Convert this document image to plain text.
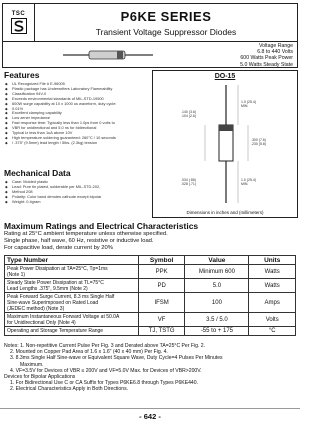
TSC	P6KE SERIES
Transient Voltage Suppressor Diodes
Voltage Range
6.8 to 440 Volts
600 Watts Peak Power
5.0 Watts Steady State
Features
◆ UL Recognized File # E-96005
◆ Plastic package has Underwriters Laboratory Flammability
◆ Classification 94V-0
◆ Exceeds environmental standards of MIL-STD-19500
◆ 600W surge capability at 10 x 1000 us waveform, duty cycle:
◆ 0.01%
◆ Excellent clamping capability
◆ Low zener impedance
◆ Fast response time: Typically less than 1.0ps from 0 volts to
◆ VBR for unidirectional and 5.0 ns for bidirectional
◆ Typical Iz less than 1uA above 10V
◆ High temperature soldering guaranteed: 260°C / 10 seconds
◆ / .375" (9.5mm) lead length / 5lbs. (2.3kg) tension
DO-15
1.0 (25.4)
MIN.
.300 (7.6)
.230 (5.8)
.140 (3.6)
.104 (2.6)
.034 (.86)
.028 (.71)
1.0 (25.4)
MIN.
Dimensions in inches and (millimeters)
Mechanical Data
◆ Case: Molded plastic
◆ Lead: Pure tin plated, solderable per MIL-STD-202,
◆ Method 208
◆ Polarity: Color band denotes cathode except bipolar
◆ Weight: 0.4gram
Maximum Ratings and Electrical Characteristics
Rating at 25°C ambient temperature unless otherwise specified.
Single phase, half wave, 60 Hz, resistive or inductive load.
For capacitive load, derate current by 20%
Type Number	Symbol	Value	Units

Peak Power Dissipation at TA=25°C, Tp=1ms
(Note 1)	PPK	Minimum 600	Watts

Steady State Power Dissipation at TL=75°C
Lead Lengths .375", 9.5mm (Note 2)	PD	5.0	Watts

Peak Forward Surge Current, 8.3 ms Single Half
Sine-wave Superimposed on Rated Load
(JEDEC method) (Note 3)	IFSM	100	Amps

Maximum Instantaneous Forward Voltage at 50.0A
for Unidirectional Only (Note 4)	VF	3.5 / 5.0	Volts

Operating and Storage Temperature Range	TJ, TSTG	-55 to + 175	°C

Notes: 1. Non-repetitive Current Pulse Per Fig. 3 and Derated above TA=25°C Per Fig. 2.

2. Mounted on Copper Pad Area of 1.6 x 1.6" (40 x 40 mm) Per Fig. 4.

3. 8.3ms Single Half Sine-wave or Equivalent Square Wave, Duty Cycle=4 Pulses Per Minutes

Maximum.

4. VF=3.5V for Devices of VBR ≤ 200V and VF=5.0V Max. for Devices of VBR>200V.

Devices for Bipolar Applications

1. For Bidirectional Use C or CA Suffix for Types P6KE6.8 through Types P6KE440.

2. Electrical Characteristics Apply in Both Directions.

- 642 -
